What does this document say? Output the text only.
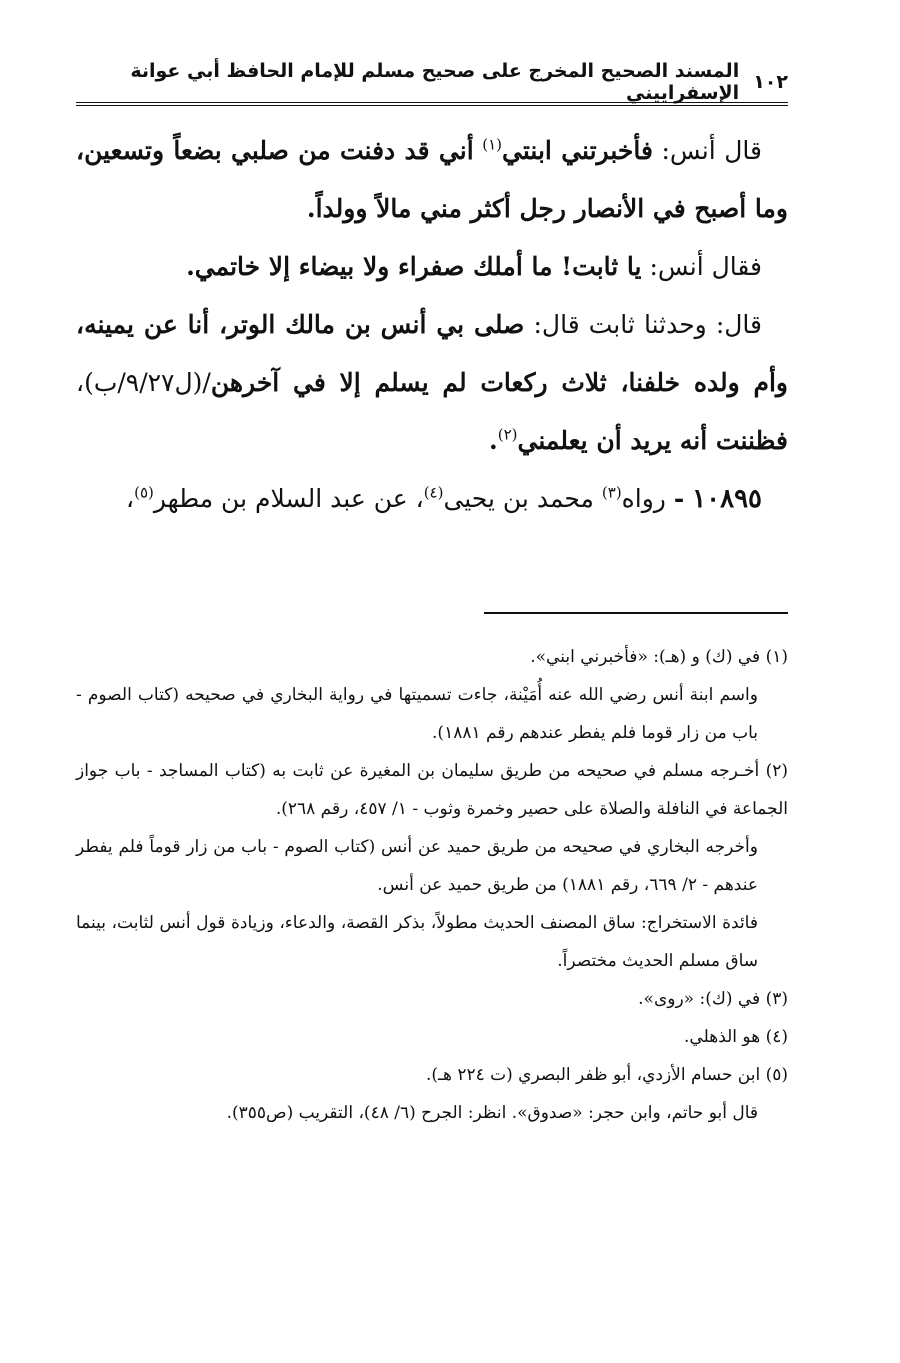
١٠٢
المسند الصحيح المخرج على صحيح مسلم للإمام الحافظ أبي عوانة الإسفراييني

قال أنس: فأخبرتني ابنتي$^{(١)}$ أني قد دفنت من صلبي بضعاً وتسعين، وما أصبح في الأنصار رجل أكثر مني مالاً وولداً.

فقال أنس: يا ثابت! ما أملك صفراء ولا بيضاء إلا خاتمي.

قال: وحدثنا ثابت قال: صلى بي أنس بن مالك الوتر، أنا عن يمينه، وأم ولده خلفنا، ثلاث ركعات لم يسلم إلا في آخرهن/(ل٩/٢٧/ب)، فظننت أنه يريد أن يعلمني$^{(٢)}$.

١٠٨٩٥ - رواه$^{(٣)}$ محمد بن يحيى$^{(٤)}$، عن عبد السلام بن مطهر$^{(٥)}$،

(١) في (ك) و (هـ): «فأخبرني ابني».

واسم ابنة أنس رضي الله عنه أُمَيْنة، جاءت تسميتها في رواية البخاري في صحيحه (كتاب الصوم - باب من زار قوما فلم يفطر عندهم رقم ١٨٨١).

(٢) أخـرجه مسلم في صحيحه من طريق سليمان بن المغيرة عن ثابت به (كتاب المساجد - باب جواز الجماعة في النافلة والصلاة على حصير وخمرة وثوب - ١/ ٤٥٧، رقم ٢٦٨).

وأخرجه البخاري في صحيحه من طريق حميد عن أنس (كتاب الصوم - باب من زار قوماً فلم يفطر عندهم - ٢/ ٦٦٩، رقم ١٨٨١) من طريق حميد عن أنس.

فائدة الاستخراج: ساق المصنف الحديث مطولاً، بذكر القصة، والدعاء، وزيادة قول أنس لثابت، بينما ساق مسلم الحديث مختصراً.

(٣) في (ك): «روى».

(٤) هو الذهلي.

(٥) ابن حسام الأزدي، أبو ظفر البصري (ت ٢٢٤ هـ).

قال أبو حاتم، وابن حجر: «صدوق». انظر: الجرح (٦/ ٤٨)، التقريب (ص٣٥٥).
